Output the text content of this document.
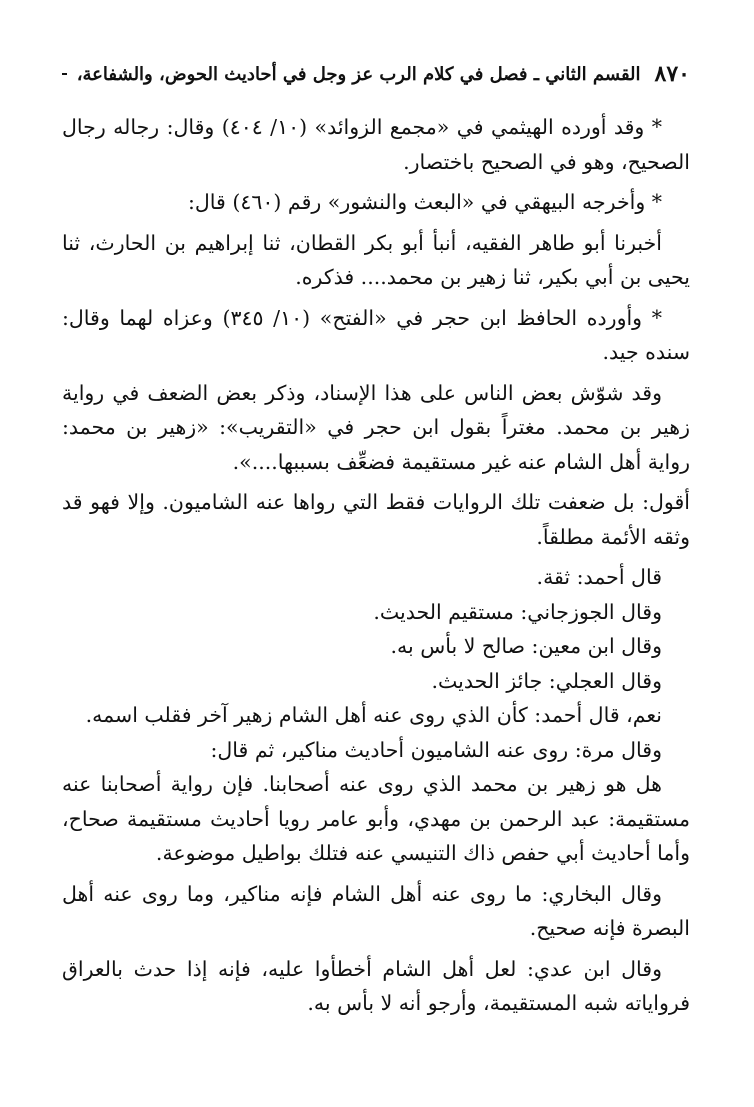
٨٧٠
القسم الثاني ـ فصل في كلام الرب عز وجل في أحاديث الحوض، والشفاعة،

* وقد أورده الهيثمي في «مجمع الزوائد» (١٠/ ٤٠٤) وقال: رجاله رجال الصحيح، وهو في الصحيح باختصار.

* وأخرجه البيهقي في «البعث والنشور» رقم (٤٦٠) قال:

أخبرنا أبو طاهر الفقيه، أنبأ أبو بكر القطان، ثنا إبراهيم بن الحارث، ثنا يحيى بن أبي بكير، ثنا زهير بن محمد.... فذكره.

* وأورده الحافظ ابن حجر في «الفتح» (١٠/ ٣٤٥) وعزاه لهما وقال: سنده جيد.

وقد شوّش بعض الناس على هذا الإسناد، وذكر بعض الضعف في رواية زهير بن محمد. مغتراً بقول ابن حجر في «التقريب»: «زهير بن محمد: رواية أهل الشام عنه غير مستقيمة فضعِّف بسببها....».

أقول: بل ضعفت تلك الروايات فقط التي رواها عنه الشاميون. وإلا فهو قد وثقه الأئمة مطلقاً.

قال أحمد: ثقة.

وقال الجوزجاني: مستقيم الحديث.

وقال ابن معين: صالح لا بأس به.

وقال العجلي: جائز الحديث.

نعم، قال أحمد: كأن الذي روى عنه أهل الشام زهير آخر فقلب اسمه.

وقال مرة: روى عنه الشاميون أحاديث مناكير، ثم قال:

هل هو زهير بن محمد الذي روى عنه أصحابنا. فإن رواية أصحابنا عنه مستقيمة: عبد الرحمن بن مهدي، وأبو عامر رويا أحاديث مستقيمة صحاح، وأما أحاديث أبي حفص ذاك التنيسي عنه فتلك بواطيل موضوعة.

وقال البخاري: ما روى عنه أهل الشام فإنه مناكير، وما روى عنه أهل البصرة فإنه صحيح.

وقال ابن عدي: لعل أهل الشام أخطأوا عليه، فإنه إذا حدث بالعراق فرواياته شبه المستقيمة، وأرجو أنه لا بأس به.
